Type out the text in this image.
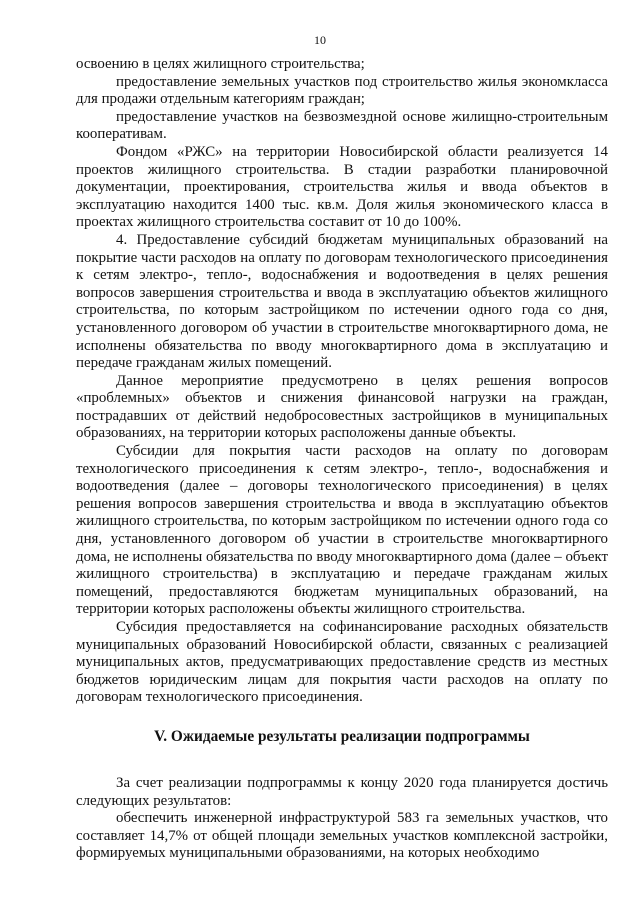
10

освоению в целях жилищного строительства;

предоставление земельных участков под строительство жилья экономкласса для продажи отдельным категориям граждан;

предоставление участков на безвозмездной основе жилищно-строительным кооперативам.

Фондом «РЖС» на территории Новосибирской области реализуется 14 проектов жилищного строительства. В стадии разработки планировочной документации, проектирования, строительства жилья и ввода объектов в эксплуатацию находится 1400 тыс. кв.м. Доля жилья экономического класса в проектах жилищного строительства составит от 10 до 100%.

4. Предоставление субсидий бюджетам муниципальных образований на покрытие части расходов на оплату по договорам технологического присоединения к сетям электро-, тепло-, водоснабжения и водоотведения в целях решения вопросов завершения строительства и ввода в эксплуатацию объектов жилищного строительства, по которым застройщиком по истечении одного года со дня, установленного договором об участии в строительстве многоквартирного дома, не исполнены обязательства по вводу многоквартирного дома в эксплуатацию и передаче гражданам жилых помещений.

Данное мероприятие предусмотрено в целях решения вопросов «проблемных» объектов и снижения финансовой нагрузки на граждан, пострадавших от действий недобросовестных застройщиков в муниципальных образованиях, на территории которых расположены данные объекты.

Субсидии для покрытия части расходов на оплату по договорам технологического присоединения к сетям электро-, тепло-, водоснабжения и водоотведения (далее – договоры технологического присоединения) в целях решения вопросов завершения строительства и ввода в эксплуатацию объектов жилищного строительства, по которым застройщиком по истечении одного года со дня, установленного договором об участии в строительстве многоквартирного дома, не исполнены обязательства по вводу многоквартирного дома (далее – объект жилищного строительства) в эксплуатацию и передаче гражданам жилых помещений, предоставляются бюджетам муниципальных образований, на территории которых расположены объекты жилищного строительства.

Субсидия предоставляется на софинансирование расходных обязательств муниципальных образований Новосибирской области, связанных с реализацией муниципальных актов, предусматривающих предоставление средств из местных бюджетов юридическим лицам для покрытия части расходов на оплату по договорам технологического присоединения.

V. Ожидаемые результаты реализации подпрограммы

За счет реализации подпрограммы к концу 2020 года планируется достичь следующих результатов:

обеспечить инженерной инфраструктурой 583 га земельных участков, что составляет 14,7% от общей площади земельных участков комплексной застройки, формируемых муниципальными образованиями, на которых необходимо
